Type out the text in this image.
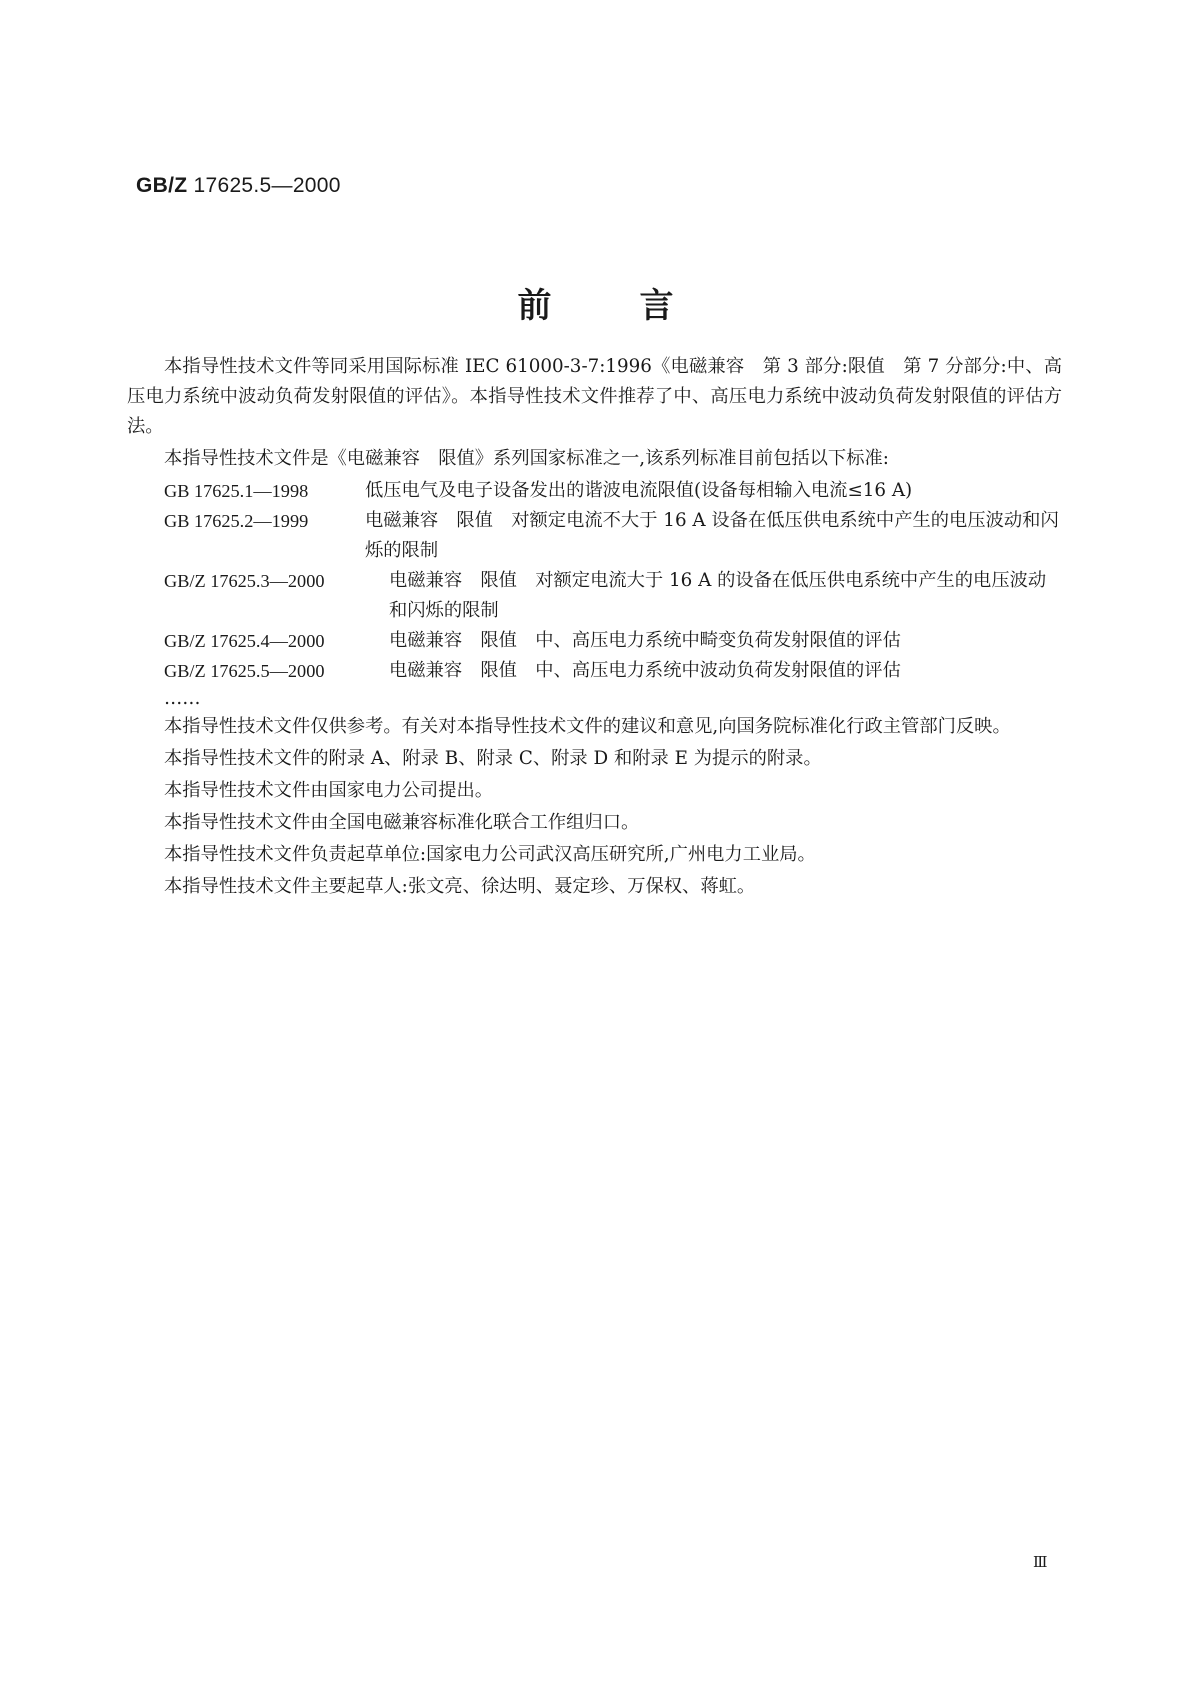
GB/Z 17625.5—2000
前	言

本指导性技术文件等同采用国际标准 IEC 61000-3-7:1996《电磁兼容　第 3 部分:限值　第 7 分部分:中、高压电力系统中波动负荷发射限值的评估》。本指导性技术文件推荐了中、高压电力系统中波动负荷发射限值的评估方法。

本指导性技术文件是《电磁兼容　限值》系列国家标准之一,该系列标准目前包括以下标准:

GB 17625.1—1998	低压电气及电子设备发出的谐波电流限值(设备每相输入电流≤16 A)
GB 17625.2—1999	电磁兼容　限值　对额定电流不大于 16 A 设备在低压供电系统中产生的电压波动和闪烁的限制
GB/Z 17625.3—2000	电磁兼容　限值　对额定电流大于 16 A 的设备在低压供电系统中产生的电压波动和闪烁的限制
GB/Z 17625.4—2000	电磁兼容　限值　中、高压电力系统中畸变负荷发射限值的评估
GB/Z 17625.5—2000	电磁兼容　限值　中、高压电力系统中波动负荷发射限值的评估
……

本指导性技术文件仅供参考。有关对本指导性技术文件的建议和意见,向国务院标准化行政主管部门反映。

本指导性技术文件的附录 A、附录 B、附录 C、附录 D 和附录 E 为提示的附录。

本指导性技术文件由国家电力公司提出。

本指导性技术文件由全国电磁兼容标准化联合工作组归口。

本指导性技术文件负责起草单位:国家电力公司武汉高压研究所,广州电力工业局。

本指导性技术文件主要起草人:张文亮、徐达明、聂定珍、万保权、蒋虹。

Ⅲ
